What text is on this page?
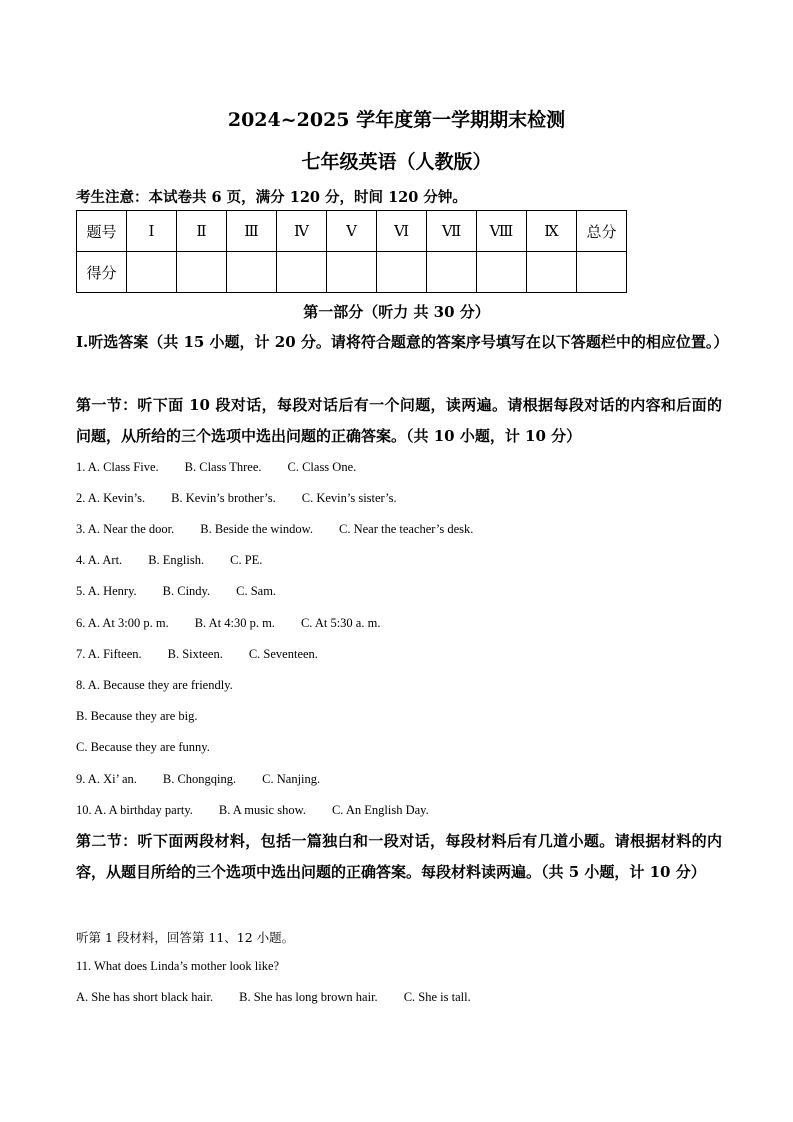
2024~2025 学年度第一学期期末检测
七年级英语（人教版）
考生注意：本试卷共 6 页，满分 120 分，时间 120 分钟。
题号	Ⅰ	Ⅱ	Ⅲ	Ⅳ	Ⅴ	Ⅵ	Ⅶ	Ⅷ	Ⅸ	总分
得分										
第一部分（听力 共 30 分）
Ⅰ.听选答案（共 15 小题，计 20 分。请将符合题意的答案序号填写在以下答题栏中的相应位置。）
第一节：听下面 10 段对话，每段对话后有一个问题，读两遍。请根据每段对话的内容和后面的问题，从所给的三个选项中选出问题的正确答案。（共 10 小题，计 10 分）
1. A. Class Five. B. Class Three. C. Class One.
2. A. Kevin’s. B. Kevin’s brother’s. C. Kevin’s sister’s.
3. A. Near the door. B. Beside the window. C. Near the teacher’s desk.
4. A. Art. B. English. C. PE.
5. A. Henry. B. Cindy. C. Sam.
6. A. At 3:00 p. m. B. At 4:30 p. m. C. At 5:30 a. m.
7. A. Fifteen. B. Sixteen. C. Seventeen.
8. A. Because they are friendly.
B. Because they are big.
C. Because they are funny.
9. A. Xi’ an. B. Chongqing. C. Nanjing.
10. A. A birthday party. B. A music show. C. An English Day.
第二节：听下面两段材料，包括一篇独白和一段对话，每段材料后有几道小题。请根据材料的内容，从题目所给的三个选项中选出问题的正确答案。每段材料读两遍。（共 5 小题，计 10 分）
听第 1 段材料，回答第 11、12 小题。
11. What does Linda’s mother look like?
A. She has short black hair. B. She has long brown hair. C. She is tall.
